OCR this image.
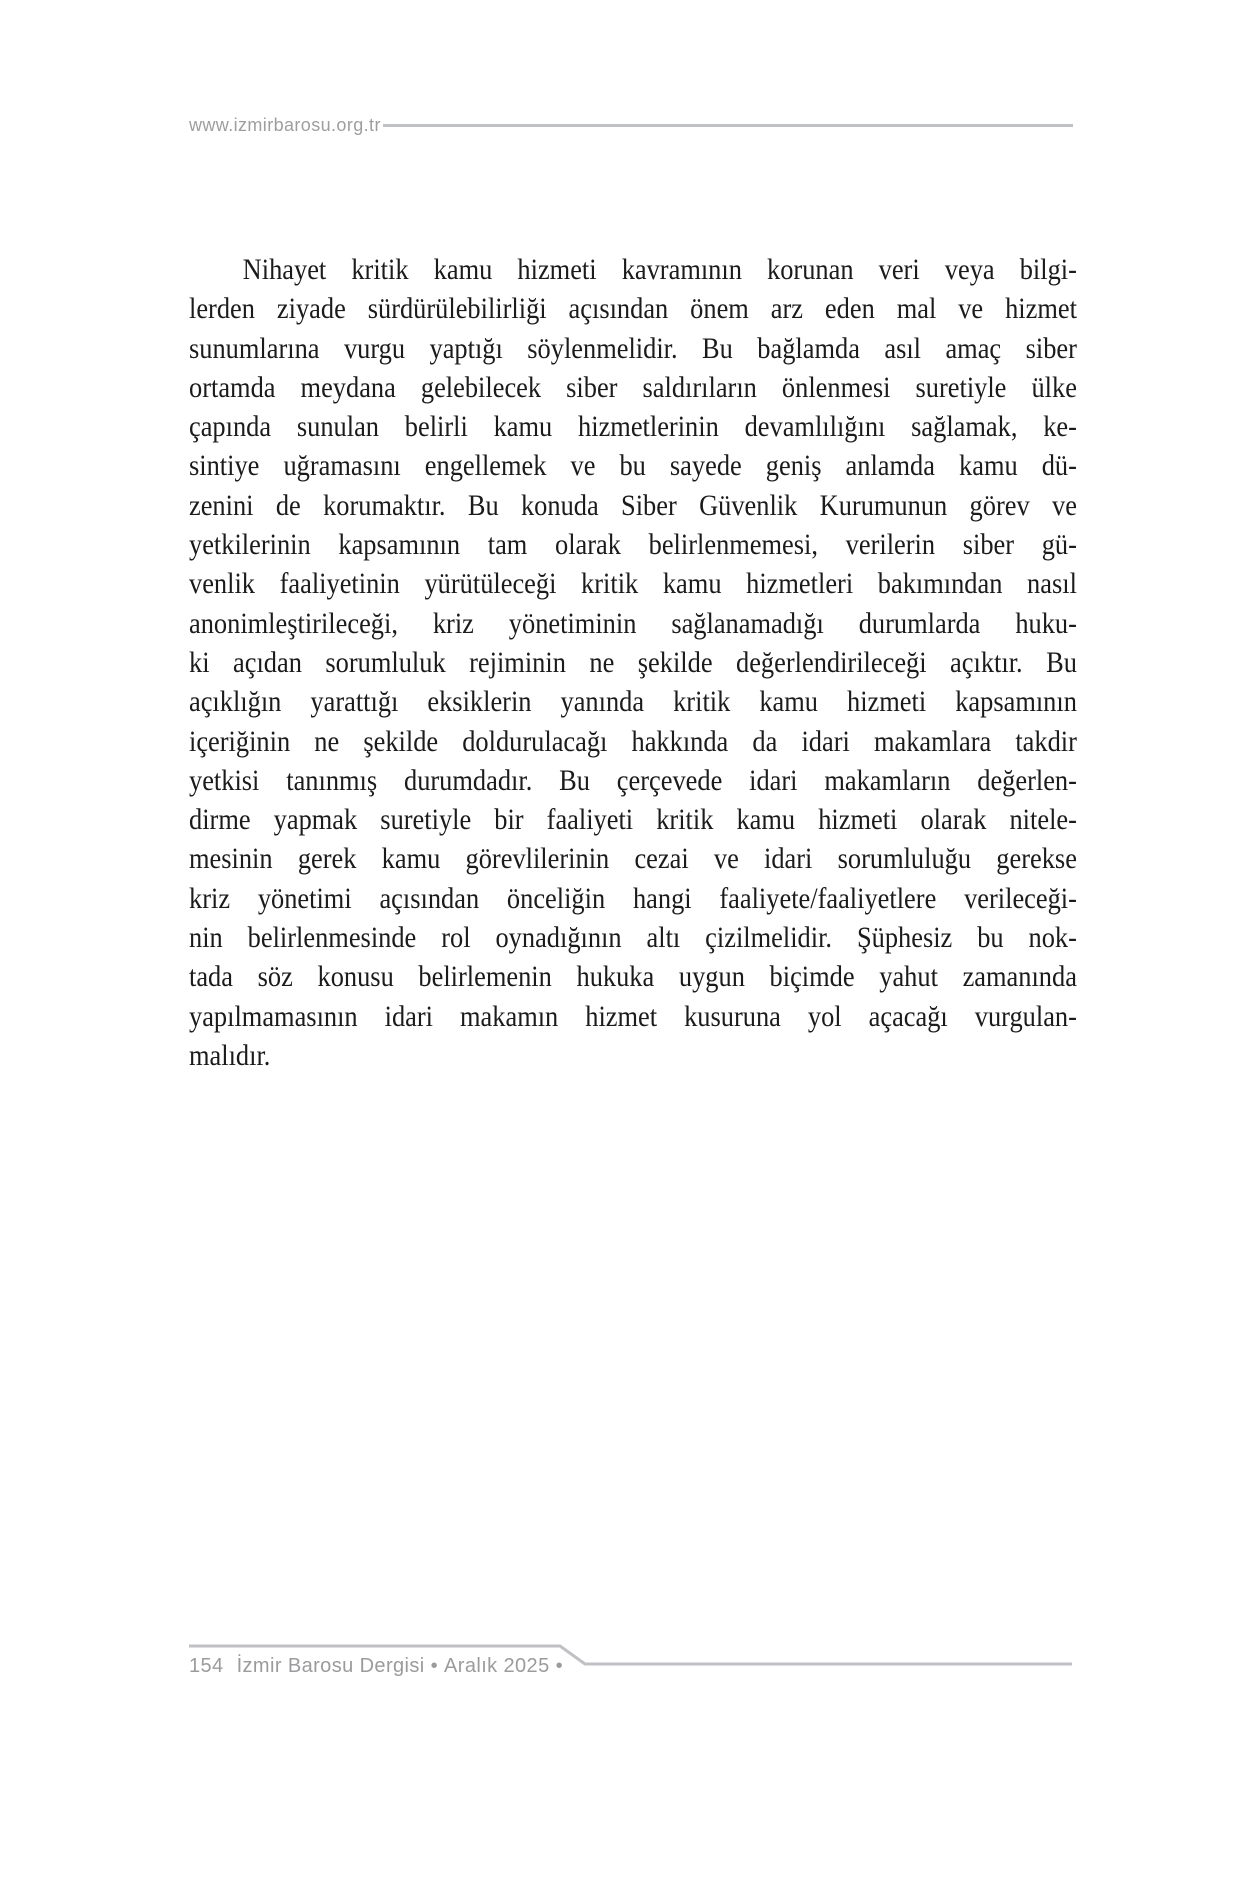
www.izmirbarosu.org.tr
Nihayet kritik kamu hizmeti kavramının korunan veri veya bilgi-
lerden ziyade sürdürülebilirliği açısından önem arz eden mal ve hizmet
sunumlarına vurgu yaptığı söylenmelidir. Bu bağlamda asıl amaç siber
ortamda meydana gelebilecek siber saldırıların önlenmesi suretiyle ülke
çapında sunulan belirli kamu hizmetlerinin devamlılığını sağlamak, ke-
sintiye uğramasını engellemek ve bu sayede geniş anlamda kamu dü-
zenini de korumaktır. Bu konuda Siber Güvenlik Kurumunun görev ve
yetkilerinin kapsamının tam olarak belirlenmemesi, verilerin siber gü-
venlik faaliyetinin yürütüleceği kritik kamu hizmetleri bakımından nasıl
anonimleştirileceği, kriz yönetiminin sağlanamadığı durumlarda huku-
ki açıdan sorumluluk rejiminin ne şekilde değerlendirileceği açıktır. Bu
açıklığın yarattığı eksiklerin yanında kritik kamu hizmeti kapsamının
içeriğinin ne şekilde doldurulacağı hakkında da idari makamlara takdir
yetkisi tanınmış durumdadır. Bu çerçevede idari makamların değerlen-
dirme yapmak suretiyle bir faaliyeti kritik kamu hizmeti olarak nitele-
mesinin gerek kamu görevlilerinin cezai ve idari sorumluluğu gerekse
kriz yönetimi açısından önceliğin hangi faaliyete/faaliyetlere verileceği-
nin belirlenmesinde rol oynadığının altı çizilmelidir. Şüphesiz bu nok-
tada söz konusu belirlemenin hukuka uygun biçimde yahut zamanında
yapılmamasının idari makamın hizmet kusuruna yol açacağı vurgulan-
malıdır.
154 İzmir Barosu Dergisi • Aralık 2025 •
